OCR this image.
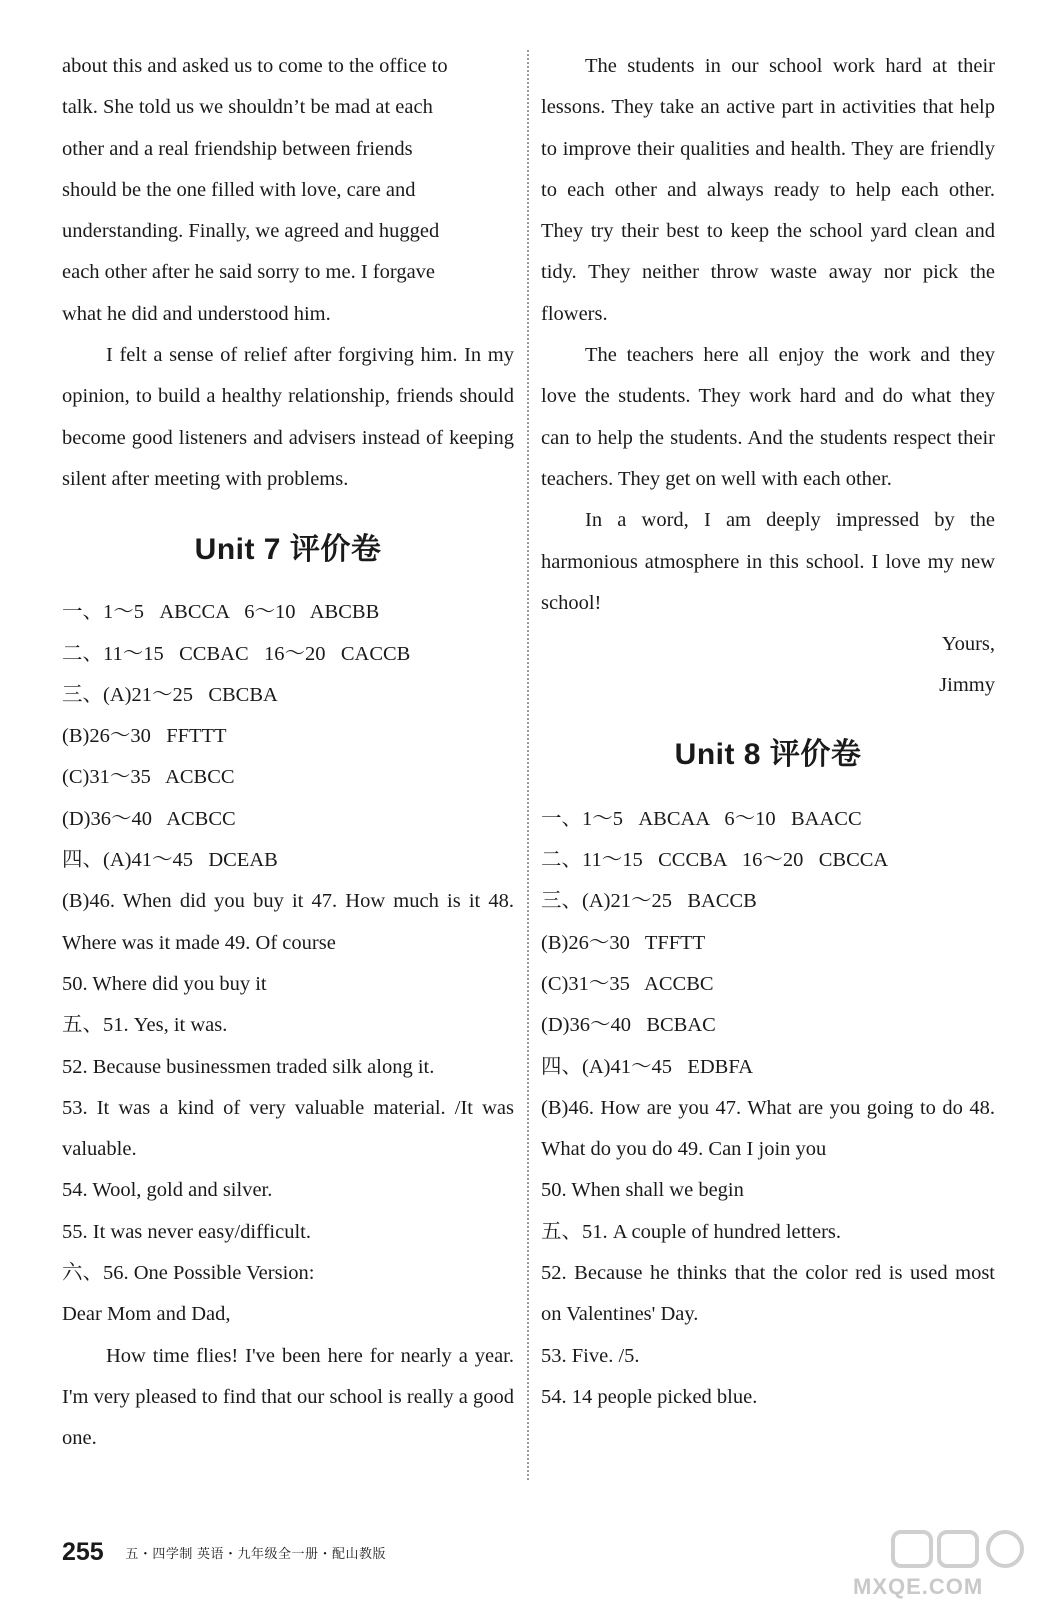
about this and asked us to come to the office to
talk. She told us we shouldn’t be mad at each
other and a real friendship between friends
should be the one filled with love, care and
understanding. Finally, we agreed and hugged
each other after he said sorry to me. I forgave
what he did and understood him.

I felt a sense of relief after forgiving him. In my opinion, to build a healthy relationship, friends should become good listeners and advisers instead of keeping silent after meeting with problems.

Unit 7 评价卷
一、1～5   ABCCA   6～10   ABCBB
二、11～15   CCBAC   16～20   CACCB
三、(A)21～25   CBCBA
(B)26～30   FFTTT
(C)31～35   ACBCC
(D)36～40   ACBCC
四、(A)41～45   DCEAB

(B)46. When did you buy it 47. How much is it 48. Where was it made 49. Of course

50. Where did you buy it
五、51. Yes, it was.
52. Because businessmen traded silk along it.

53. It was a kind of very valuable material. /It was valuable.

54. Wool, gold and silver.
55. It was never easy/difficult.
六、56. One Possible Version:
Dear Mom and Dad,

How time flies! I've been here for nearly a year. I'm very pleased to find that our school is really a good one.

The students in our school work hard at their lessons. They take an active part in activities that help to improve their qualities and health. They are friendly to each other and always ready to help each other. They try their best to keep the school yard clean and tidy. They neither throw waste away nor pick the flowers.

The teachers here all enjoy the work and they love the students. They work hard and do what they can to help the students. And the students respect their teachers. They get on well with each other.

In a word, I am deeply impressed by the harmonious atmosphere in this school. I love my new school!

Yours,
Jimmy
Unit 8 评价卷
一、1～5   ABCAA   6～10   BAACC
二、11～15   CCCBA   16～20   CBCCA
三、(A)21～25   BACCB
(B)26～30   TFFTT
(C)31～35   ACCBC
(D)36～40   BCBAC
四、(A)41～45   EDBFA

(B)46. How are you 47. What are you going to do 48. What do you do 49. Can I join you

50. When shall we begin
五、51. A couple of hundred letters.

52. Because he thinks that the color red is used most on Valentines' Day.

53. Five. /5.
54. 14 people picked blue.
255 五・四学制 英语・九年级全一册・配山教版
MXQE.COM
